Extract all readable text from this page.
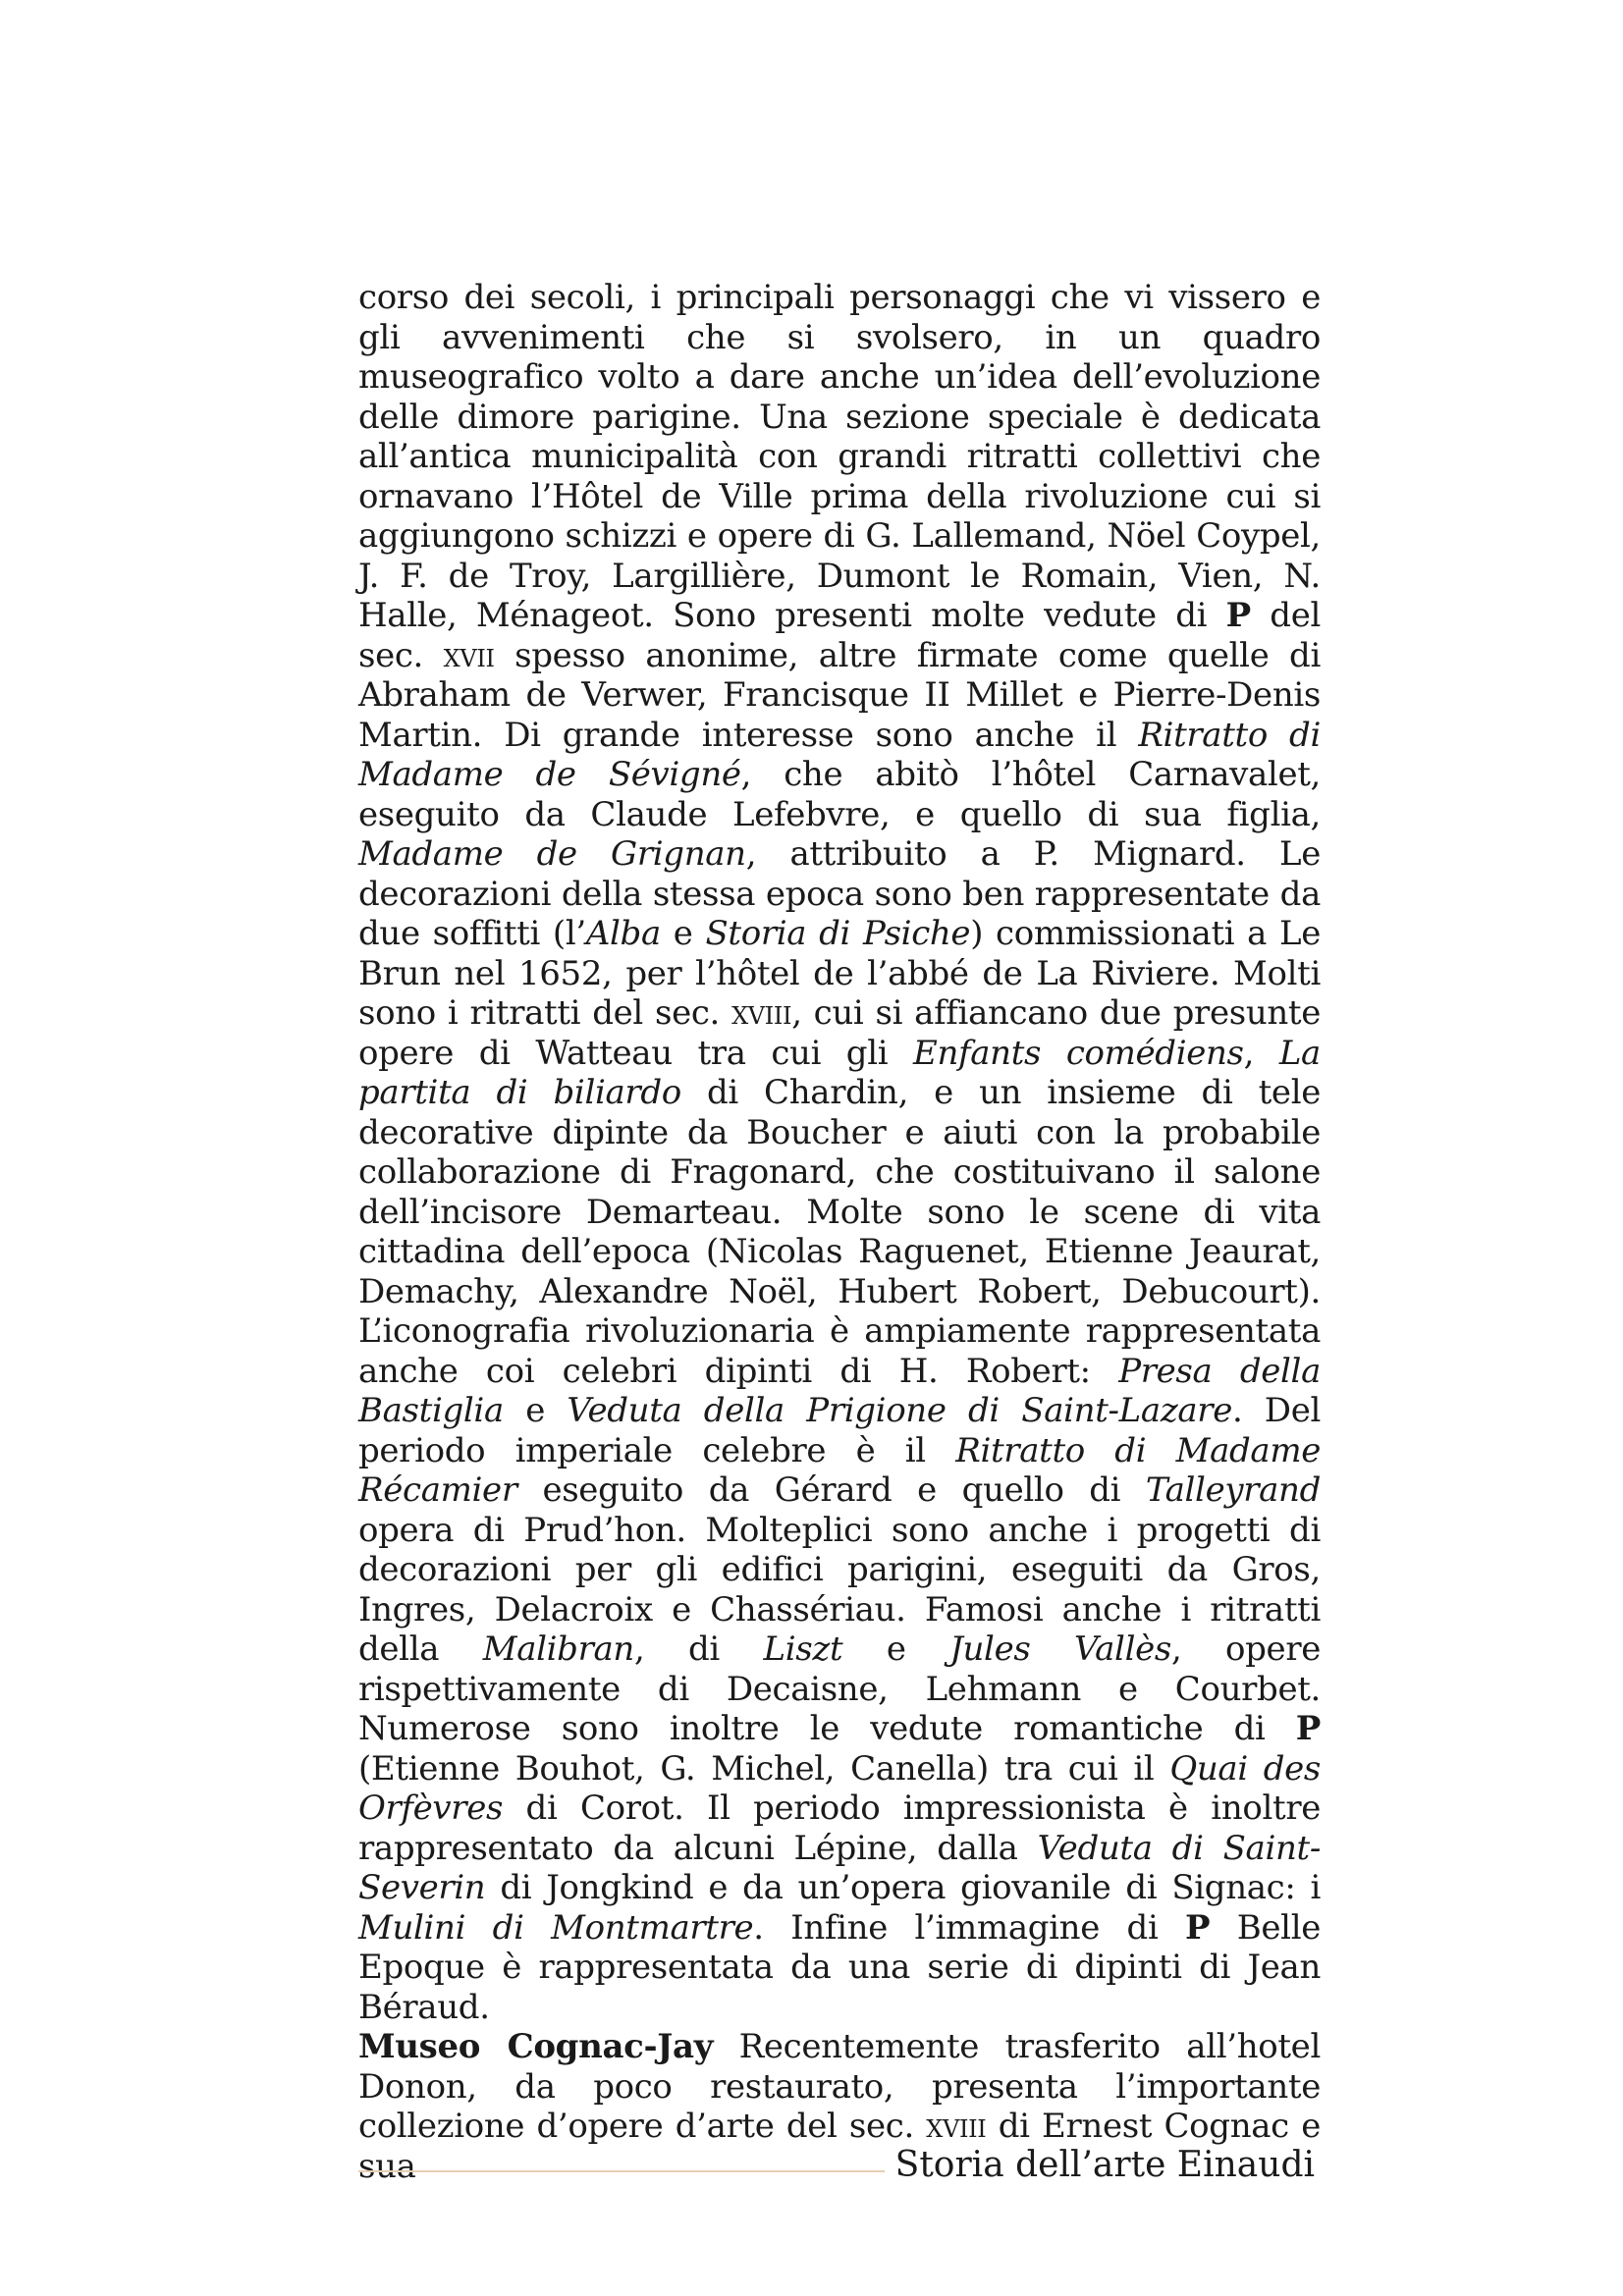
corso dei secoli, i principali personaggi che vi vissero e gli avvenimenti che si svolsero, in un quadro museografico volto a dare anche un’idea dell’evoluzione delle dimore parigine. Una sezione speciale è dedicata all’antica municipalità con grandi ritratti collettivi che ornavano l’Hôtel de Ville prima della rivoluzione cui si aggiungono schizzi e opere di G. Lallemand, Nöel Coypel, J. F. de Troy, Largillière, Dumont le Romain, Vien, N. Halle, Ménageot. Sono presenti molte vedute di P del sec. xvii spesso anonime, altre firmate come quelle di Abraham de Verwer, Francisque II Millet e Pierre-Denis Martin. Di grande interesse sono anche il Ritratto di Madame de Sévigné, che abitò l’hôtel Carnavalet, eseguito da Claude Lefebvre, e quello di sua figlia, Madame de Grignan, attribuito a P. Mignard. Le decorazioni della stessa epoca sono ben rappresentate da due soffitti (l’Alba e Storia di Psiche) commissionati a Le Brun nel 1652, per l’hôtel de l’abbé de La Riviere. Molti sono i ritratti del sec. xviii, cui si affiancano due presunte opere di Watteau tra cui gli Enfants comédiens, La partita di biliardo di Chardin, e un insieme di tele decorative dipinte da Boucher e aiuti con la probabile collaborazione di Fragonard, che costituivano il salone dell’incisore Demarteau. Molte sono le scene di vita cittadina dell’epoca (Nicolas Raguenet, Etienne Jeaurat, Demachy, Alexandre Noël, Hubert Robert, Debucourt). L’iconografia rivoluzionaria è ampiamente rappresentata anche coi celebri dipinti di H. Robert: Presa della Bastiglia e Veduta della Prigione di Saint-Lazare. Del periodo imperiale celebre è il Ritratto di Madame Récamier eseguito da Gérard e quello di Talleyrand opera di Prud’hon. Molteplici sono anche i progetti di decorazioni per gli edifici parigini, eseguiti da Gros, Ingres, Delacroix e Chassériau. Famosi anche i ritratti della Malibran, di Liszt e Jules Vallès, opere rispettivamente di Decaisne, Lehmann e Courbet. Numerose sono inoltre le vedute romantiche di P (Etienne Bouhot, G. Michel, Canella) tra cui il Quai des Orfèvres di Corot. Il periodo impressionista è inoltre rappresentato da alcuni Lépine, dalla Veduta di Saint-Severin di Jongkind e da un’opera giovanile di Signac: i Mulini di Montmartre. Infine l’immagine di P Belle Epoque è rappresentata da una serie di dipinti di Jean Béraud.

Museo Cognac-Jay Recentemente trasferito all’hotel Donon, da poco restaurato, presenta l’importante collezione d’opere d’arte del sec. xviii di Ernest Cognac e sua	Storia dell’arte Einaudi
